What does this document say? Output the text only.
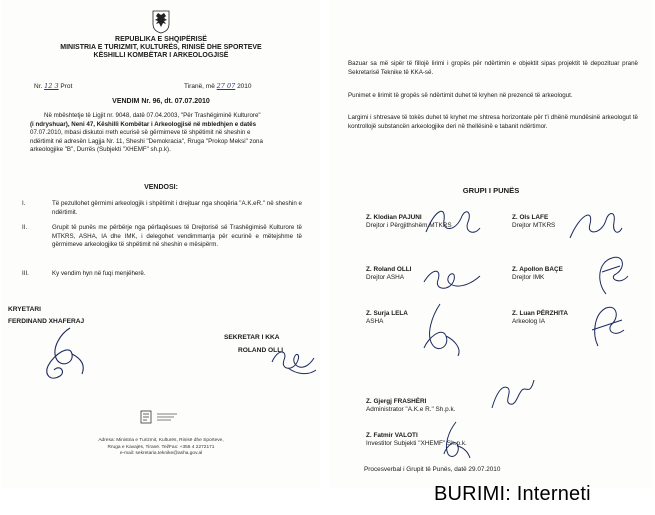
REPUBLIKA E SHQIPËRISË
MINISTRIA E TURIZMIT, KULTURËS, RINISË DHE SPORTEVE
KËSHILLI KOMBËTAR I ARKEOLOGJISË
Nr. 12 3 Prot	Tiranë, më 27 07 2010
VENDIM Nr. 96, dt. 07.07.2010
Në mbështetje të Ligjit nr. 9048, datë 07.04.2003, "Për Trashëgiminë Kulturore"
(i ndryshuar), Neni 47, Këshilli Kombëtar i Arkeologjisë në mbledhjen e datës
07.07.2010, mbasi diskutoi rreth ecurisë së gërmimeve të shpëtimit në sheshin e
ndërtimit në adresën Lagjja Nr. 11, Sheshi "Demokracia", Rruga "Prokop Meksi" zona
arkeologjike "B", Durrës (Subjekti "XHEMF" sh.p.k).
VENDOSI:
I.	Të pezullohet gërmimi arkeologjik i shpëtimit i drejtuar nga shoqëria "A.K.eR." në sheshin e ndërtimit.
II.	Grupit të punës me përbërje nga përfaqësues të Drejtorisë së Trashëgimisë Kulturore të MTKRS, ASHA, IA dhe IMK, i delegohet vendimmarrja për ecurinë e mëtejshme të gërmimeve arkeologjike të shpëtimit në sheshin e mësipërm.
III.	Ky vendim hyn në fuqi menjëherë.
KRYETARI
FERDINAND XHAFERAJ
SEKRETAR I KKA
ROLAND OLLI
Adresa: Ministria e Turizmit, Kulturës, Rinisë dhe Sporteve,
Rruga e Kavajës, Tiranë. Tel/Fax: +355 4 2272171
e-mail: sekretaria.teknike@asha.gov.al
Bazuar sa më sipër të fillojë lirimi i gropës për ndërtimin e objektit sipas projektit të depozituar pranë Sekretarisë Teknike të KKA-së.
Punimet e lirimit të gropës së ndërtimit duhet të kryhen në prezencë të arkeologut.
Largimi i shtresave të tokës duhet të kryhet me shtresa horizontale për t'i dhënë mundësinë arkeologut të kontrollojë substancën arkeologjike deri në thellësinë e tabanit ndërtimor.
GRUPI I PUNËS
Z. Klodian PAJUNI
Drejtor i Përgjithshëm MTKRS
Z. Ols LAFE
Drejtor MTKRS
Z. Roland OLLI
Drejtor ASHA
Z. Apollon BAÇE
Drejtor IMK
Z. Surja LELA
ASHA
Z. Luan PËRZHITA
Arkeolog IA
Z. Gjergj FRASHËRI
Administrator "A.K.e R." Sh.p.k.
Z. Fatmir VALOTI
Investitor Subjekti "XHEMF" Sh.p.k.
Procesverbal i Grupit të Punës, datë 29.07.2010
BURIMI: Interneti
